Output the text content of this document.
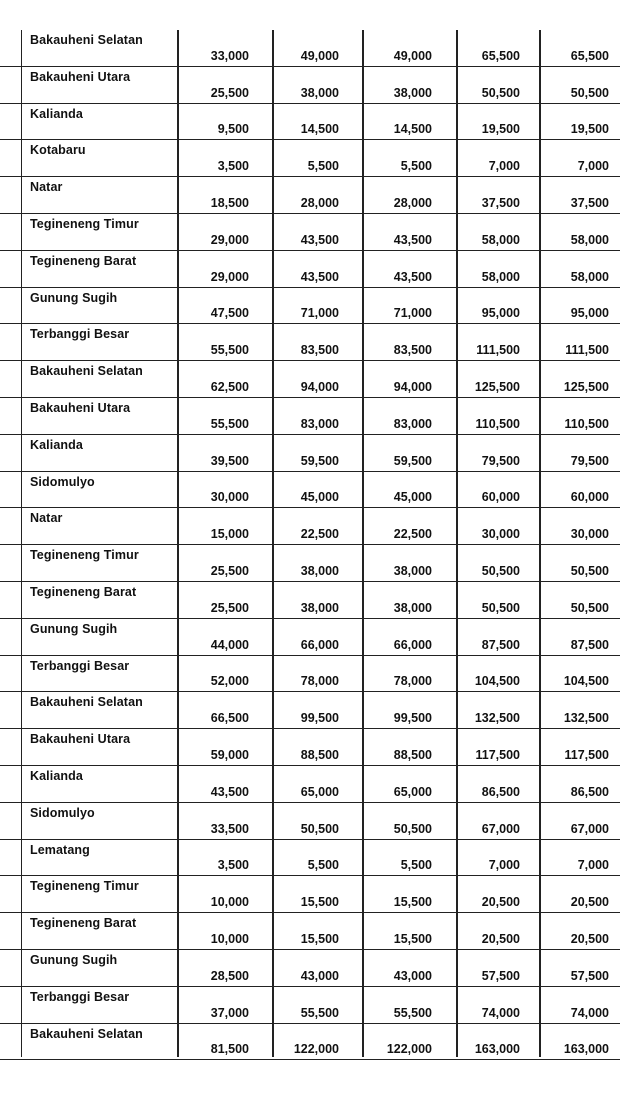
Bakauheni Selatan
33,000	49,000	49,000	65,500	65,500
Bakauheni Utara
25,500	38,000	38,000	50,500	50,500
Kalianda
9,500	14,500	14,500	19,500	19,500
Kotabaru
3,500	5,500	5,500	7,000	7,000
Natar
18,500	28,000	28,000	37,500	37,500
Tegineneng Timur
29,000	43,500	43,500	58,000	58,000
Tegineneng Barat
29,000	43,500	43,500	58,000	58,000
Gunung Sugih
47,500	71,000	71,000	95,000	95,000
Terbanggi Besar
55,500	83,500	83,500	111,500	111,500
Bakauheni Selatan
62,500	94,000	94,000	125,500	125,500
Bakauheni Utara
55,500	83,000	83,000	110,500	110,500
Kalianda
39,500	59,500	59,500	79,500	79,500
Sidomulyo
30,000	45,000	45,000	60,000	60,000
Natar
15,000	22,500	22,500	30,000	30,000
Tegineneng Timur
25,500	38,000	38,000	50,500	50,500
Tegineneng Barat
25,500	38,000	38,000	50,500	50,500
Gunung Sugih
44,000	66,000	66,000	87,500	87,500
Terbanggi Besar
52,000	78,000	78,000	104,500	104,500
Bakauheni Selatan
66,500	99,500	99,500	132,500	132,500
Bakauheni Utara
59,000	88,500	88,500	117,500	117,500
Kalianda
43,500	65,000	65,000	86,500	86,500
Sidomulyo
33,500	50,500	50,500	67,000	67,000
Lematang
3,500	5,500	5,500	7,000	7,000
Tegineneng Timur
10,000	15,500	15,500	20,500	20,500
Tegineneng Barat
10,000	15,500	15,500	20,500	20,500
Gunung Sugih
28,500	43,000	43,000	57,500	57,500
Terbanggi Besar
37,000	55,500	55,500	74,000	74,000
Bakauheni Selatan
81,500	122,000	122,000	163,000	163,000
